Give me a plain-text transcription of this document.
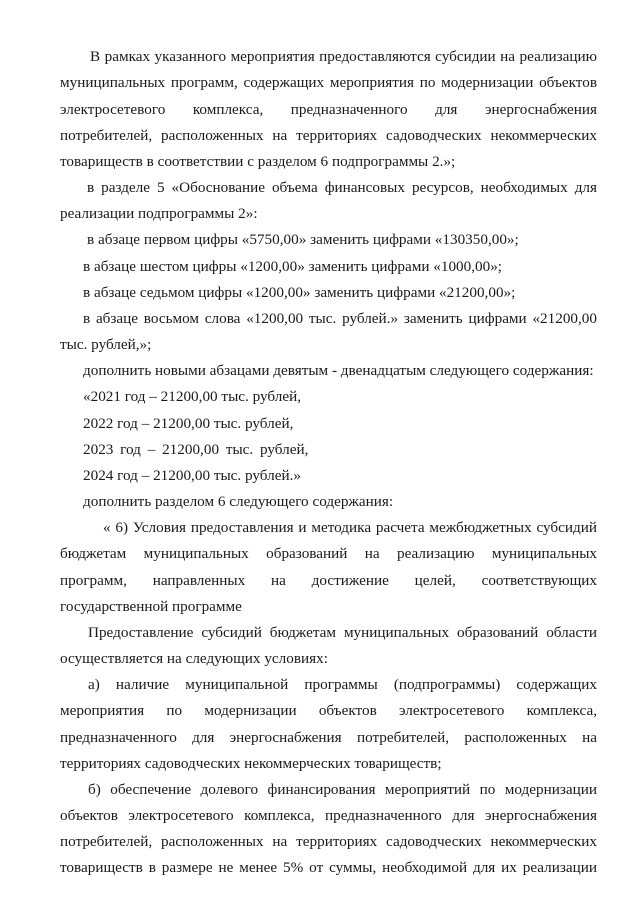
В рамках указанного мероприятия предоставляются субсидии на реализацию
муниципальных программ, содержащих мероприятия по модернизации объектов
электросетевого комплекса, предназначенного для энергоснабжения
потребителей, расположенных на территориях садоводческих некоммерческих
товариществ в соответствии с разделом 6 подпрограммы 2.»;
в разделе 5 «Обоснование объема финансовых ресурсов, необходимых для
реализации подпрограммы 2»:
в абзаце первом цифры «5750,00» заменить цифрами «130350,00»;
в абзаце шестом цифры «1200,00» заменить цифрами «1000,00»;
в абзаце седьмом цифры «1200,00» заменить цифрами «21200,00»;
в абзаце восьмом слова «1200,00 тыс. рублей.» заменить цифрами «21200,00
тыс. рублей,»;
дополнить новыми абзацами девятым - двенадцатым следующего содержания:
«2021 год – 21200,00 тыс. рублей,
2022 год – 21200,00 тыс. рублей,
2023 год – 21200,00 тыс. рублей,
2024 год – 21200,00 тыс. рублей.»
дополнить разделом 6 следующего содержания:
« 6) Условия предоставления и методика расчета межбюджетных субсидий
бюджетам муниципальных образований на реализацию муниципальных
программ, направленных на достижение целей, соответствующих
государственной программе
Предоставление субсидий бюджетам муниципальных образований области
осуществляется на следующих условиях:
а) наличие муниципальной программы (подпрограммы) содержащих
мероприятия по модернизации объектов электросетевого комплекса,
предназначенного для энергоснабжения потребителей, расположенных на
территориях садоводческих некоммерческих товариществ;
б) обеспечение долевого финансирования мероприятий по модернизации
объектов электросетевого комплекса, предназначенного для энергоснабжения
потребителей, расположенных на территориях садоводческих некоммерческих
товариществ в размере не менее 5% от суммы, необходимой для их реализации
